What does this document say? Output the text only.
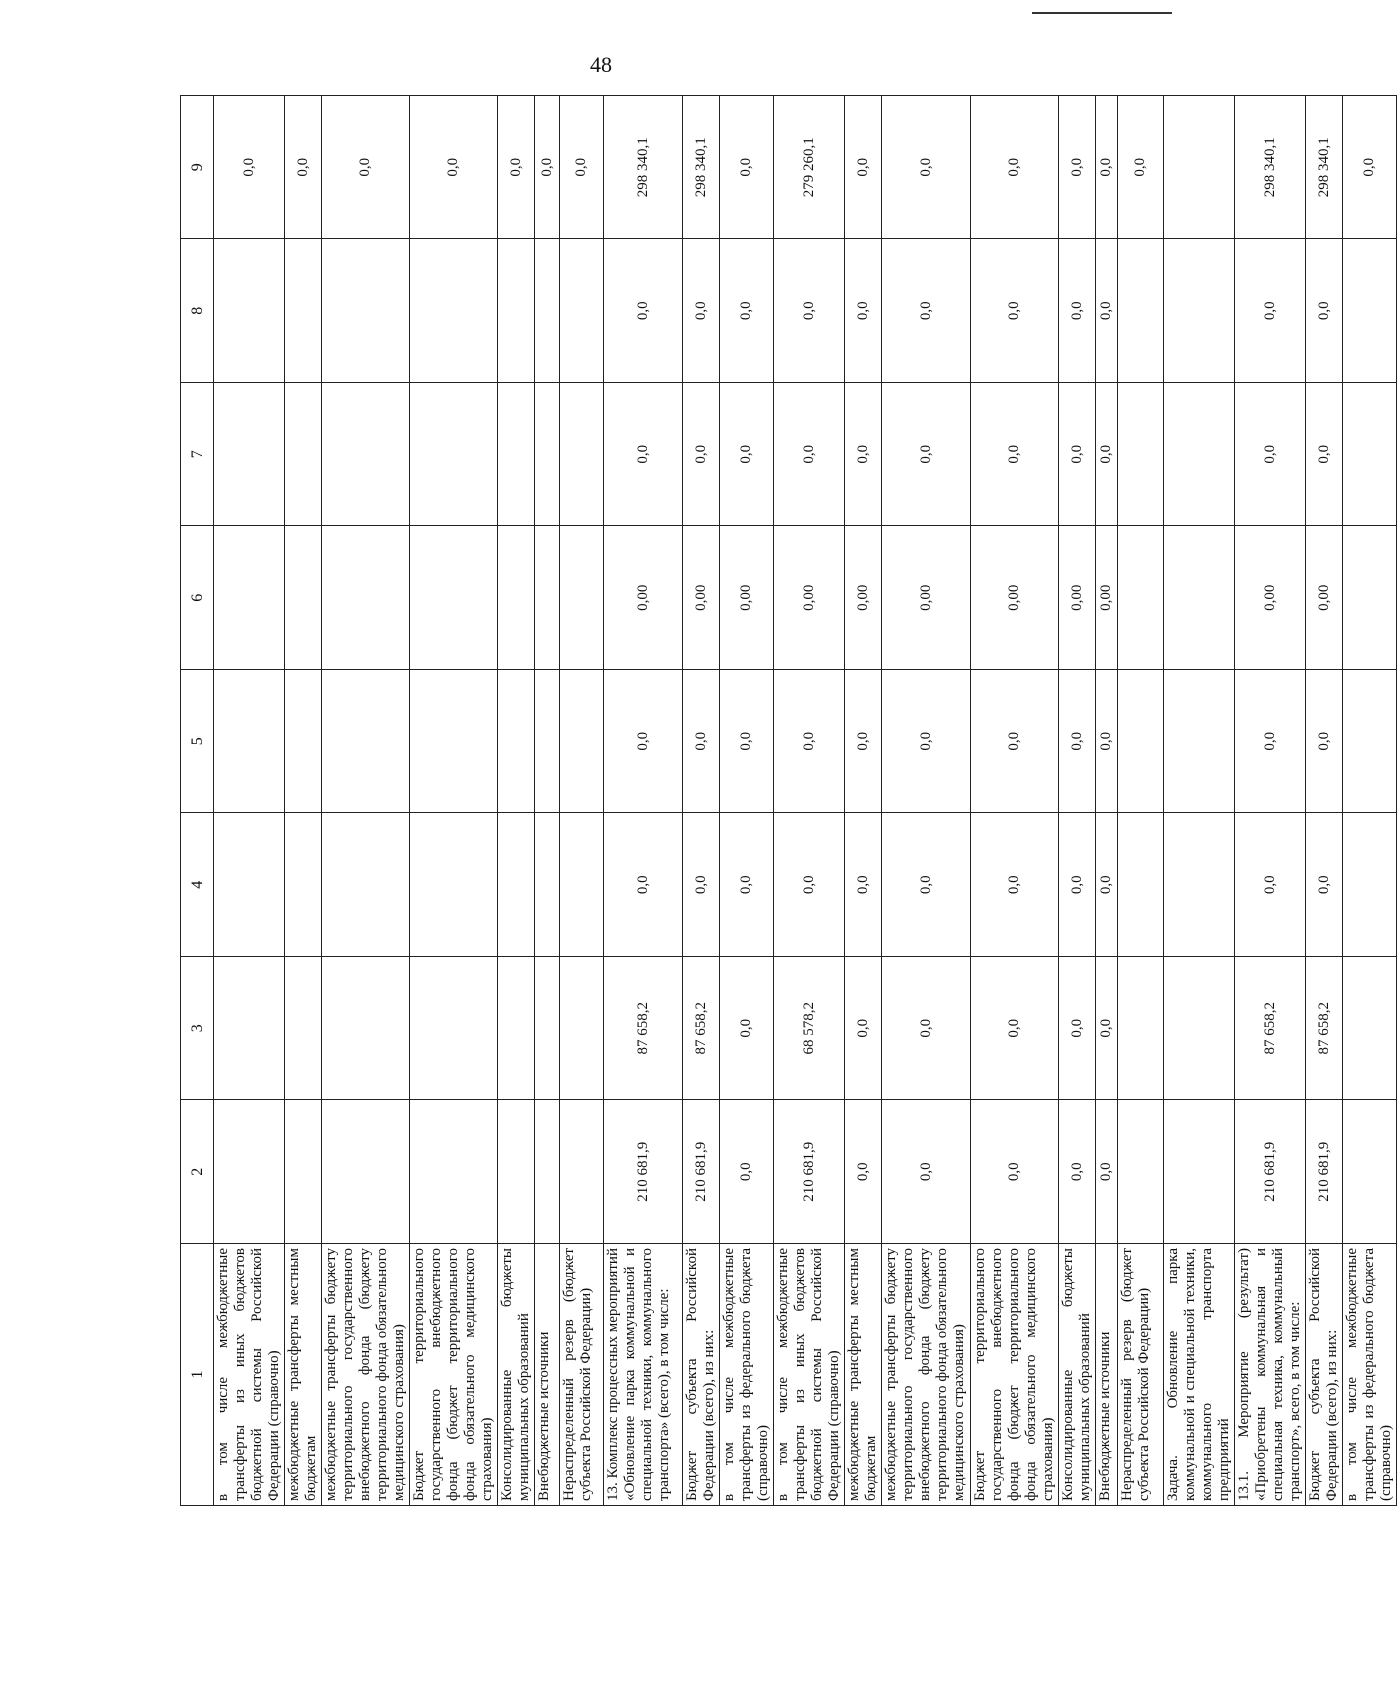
48
1	2	3	4	5	6	7	8	9
в том числе межбюджетные трансферты из иных бюджетов бюджетной системы Российской Федерации (справочно)								0,0
межбюджетные трансферты местным бюджетам								0,0
межбюджетные трансферты бюджету территориального государственного внебюджетного фонда (бюджету территориального фонда обязательного медицинского страхования)								0,0
Бюджет территориального государственного внебюджетного фонда (бюджет территориального фонда обязательного медицинского страхования)								0,0
Консолидированные бюджеты муниципальных образований								0,0
Внебюджетные источники								0,0
Нераспределенный резерв (бюджет субъекта Российской Федерации)								0,0
13. Комплекс процессных мероприятий «Обновление парка коммунальной и специальной техники, коммунального транспорта» (всего), в том числе:	210 681,9	87 658,2	0,0	0,0	0,00	0,0	0,0	298 340,1
Бюджет субъекта Российской Федерации (всего), из них:	210 681,9	87 658,2	0,0	0,0	0,00	0,0	0,0	298 340,1
в том числе межбюджетные трансферты из федерального бюджета (справочно)	0,0	0,0	0,0	0,0	0,00	0,0	0,0	0,0
в том числе межбюджетные трансферты из иных бюджетов бюджетной системы Российской Федерации (справочно)	210 681,9	68 578,2	0,0	0,0	0,00	0,0	0,0	279 260,1
межбюджетные трансферты местным бюджетам	0,0	0,0	0,0	0,0	0,00	0,0	0,0	0,0
межбюджетные трансферты бюджету территориального государственного внебюджетного фонда (бюджету территориального фонда обязательного медицинского страхования)	0,0	0,0	0,0	0,0	0,00	0,0	0,0	0,0
Бюджет территориального государственного внебюджетного фонда (бюджет территориального фонда обязательного медицинского страхования)	0,0	0,0	0,0	0,0	0,00	0,0	0,0	0,0
Консолидированные бюджеты муниципальных образований	0,0	0,0	0,0	0,0	0,00	0,0	0,0	0,0
Внебюджетные источники	0,0	0,0	0,0	0,0	0,00	0,0	0,0	0,0
Нераспределенный резерв (бюджет субъекта Российской Федерации)								0,0
Задача. Обновление парка коммунальной и специальной техники, коммунального транспорта предприятий								
13.1. Мероприятие (результат) «Приобретены коммунальная и специальная техника, коммунальный транспорт», всего, в том числе:	210 681,9	87 658,2	0,0	0,0	0,00	0,0	0,0	298 340,1
Бюджет субъекта Российской Федерации (всего), из них:	210 681,9	87 658,2	0,0	0,0	0,00	0,0	0,0	298 340,1
в том числе межбюджетные трансферты из федерального бюджета (справочно)								0,0
